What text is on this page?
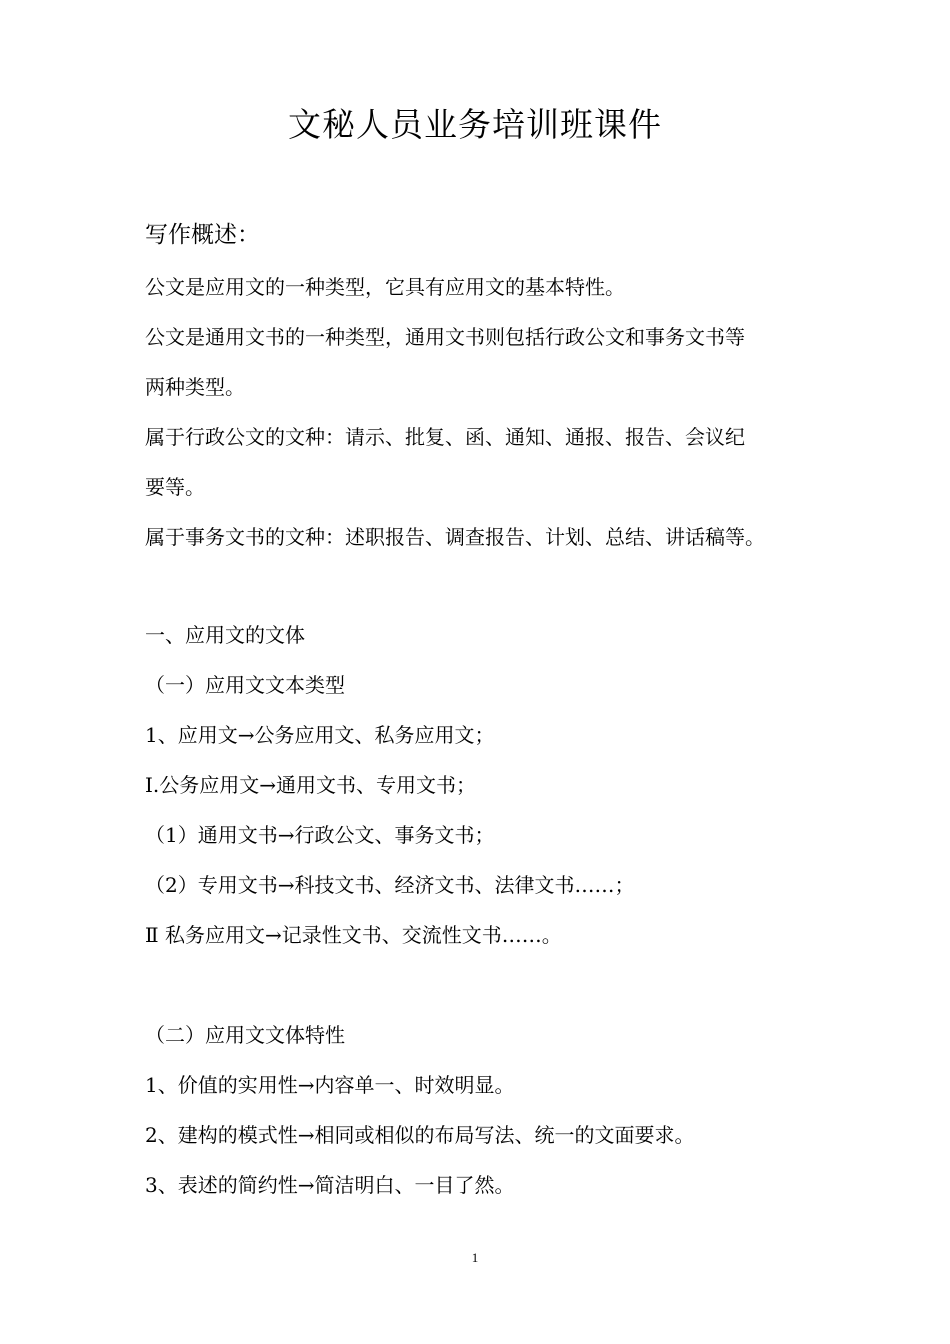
文秘人员业务培训班课件
写作概述：
公文是应用文的一种类型，它具有应用文的基本特性。
公文是通用文书的一种类型，通用文书则包括行政公文和事务文书等
两种类型。
属于行政公文的文种：请示、批复、函、通知、通报、报告、会议纪
要等。
属于事务文书的文种：述职报告、调查报告、计划、总结、讲话稿等。
一、应用文的文体
（一）应用文文本类型
1、应用文→公务应用文、私务应用文；
Ⅰ.公务应用文→通用文书、专用文书；
（1）通用文书→行政公文、事务文书；
（2）专用文书→科技文书、经济文书、法律文书……；
Ⅱ 私务应用文→记录性文书、交流性文书……。
（二）应用文文体特性
1、价值的实用性→内容单一、时效明显。
2、建构的模式性→相同或相似的布局写法、统一的文面要求。
3、表述的简约性→简洁明白、一目了然。
1
